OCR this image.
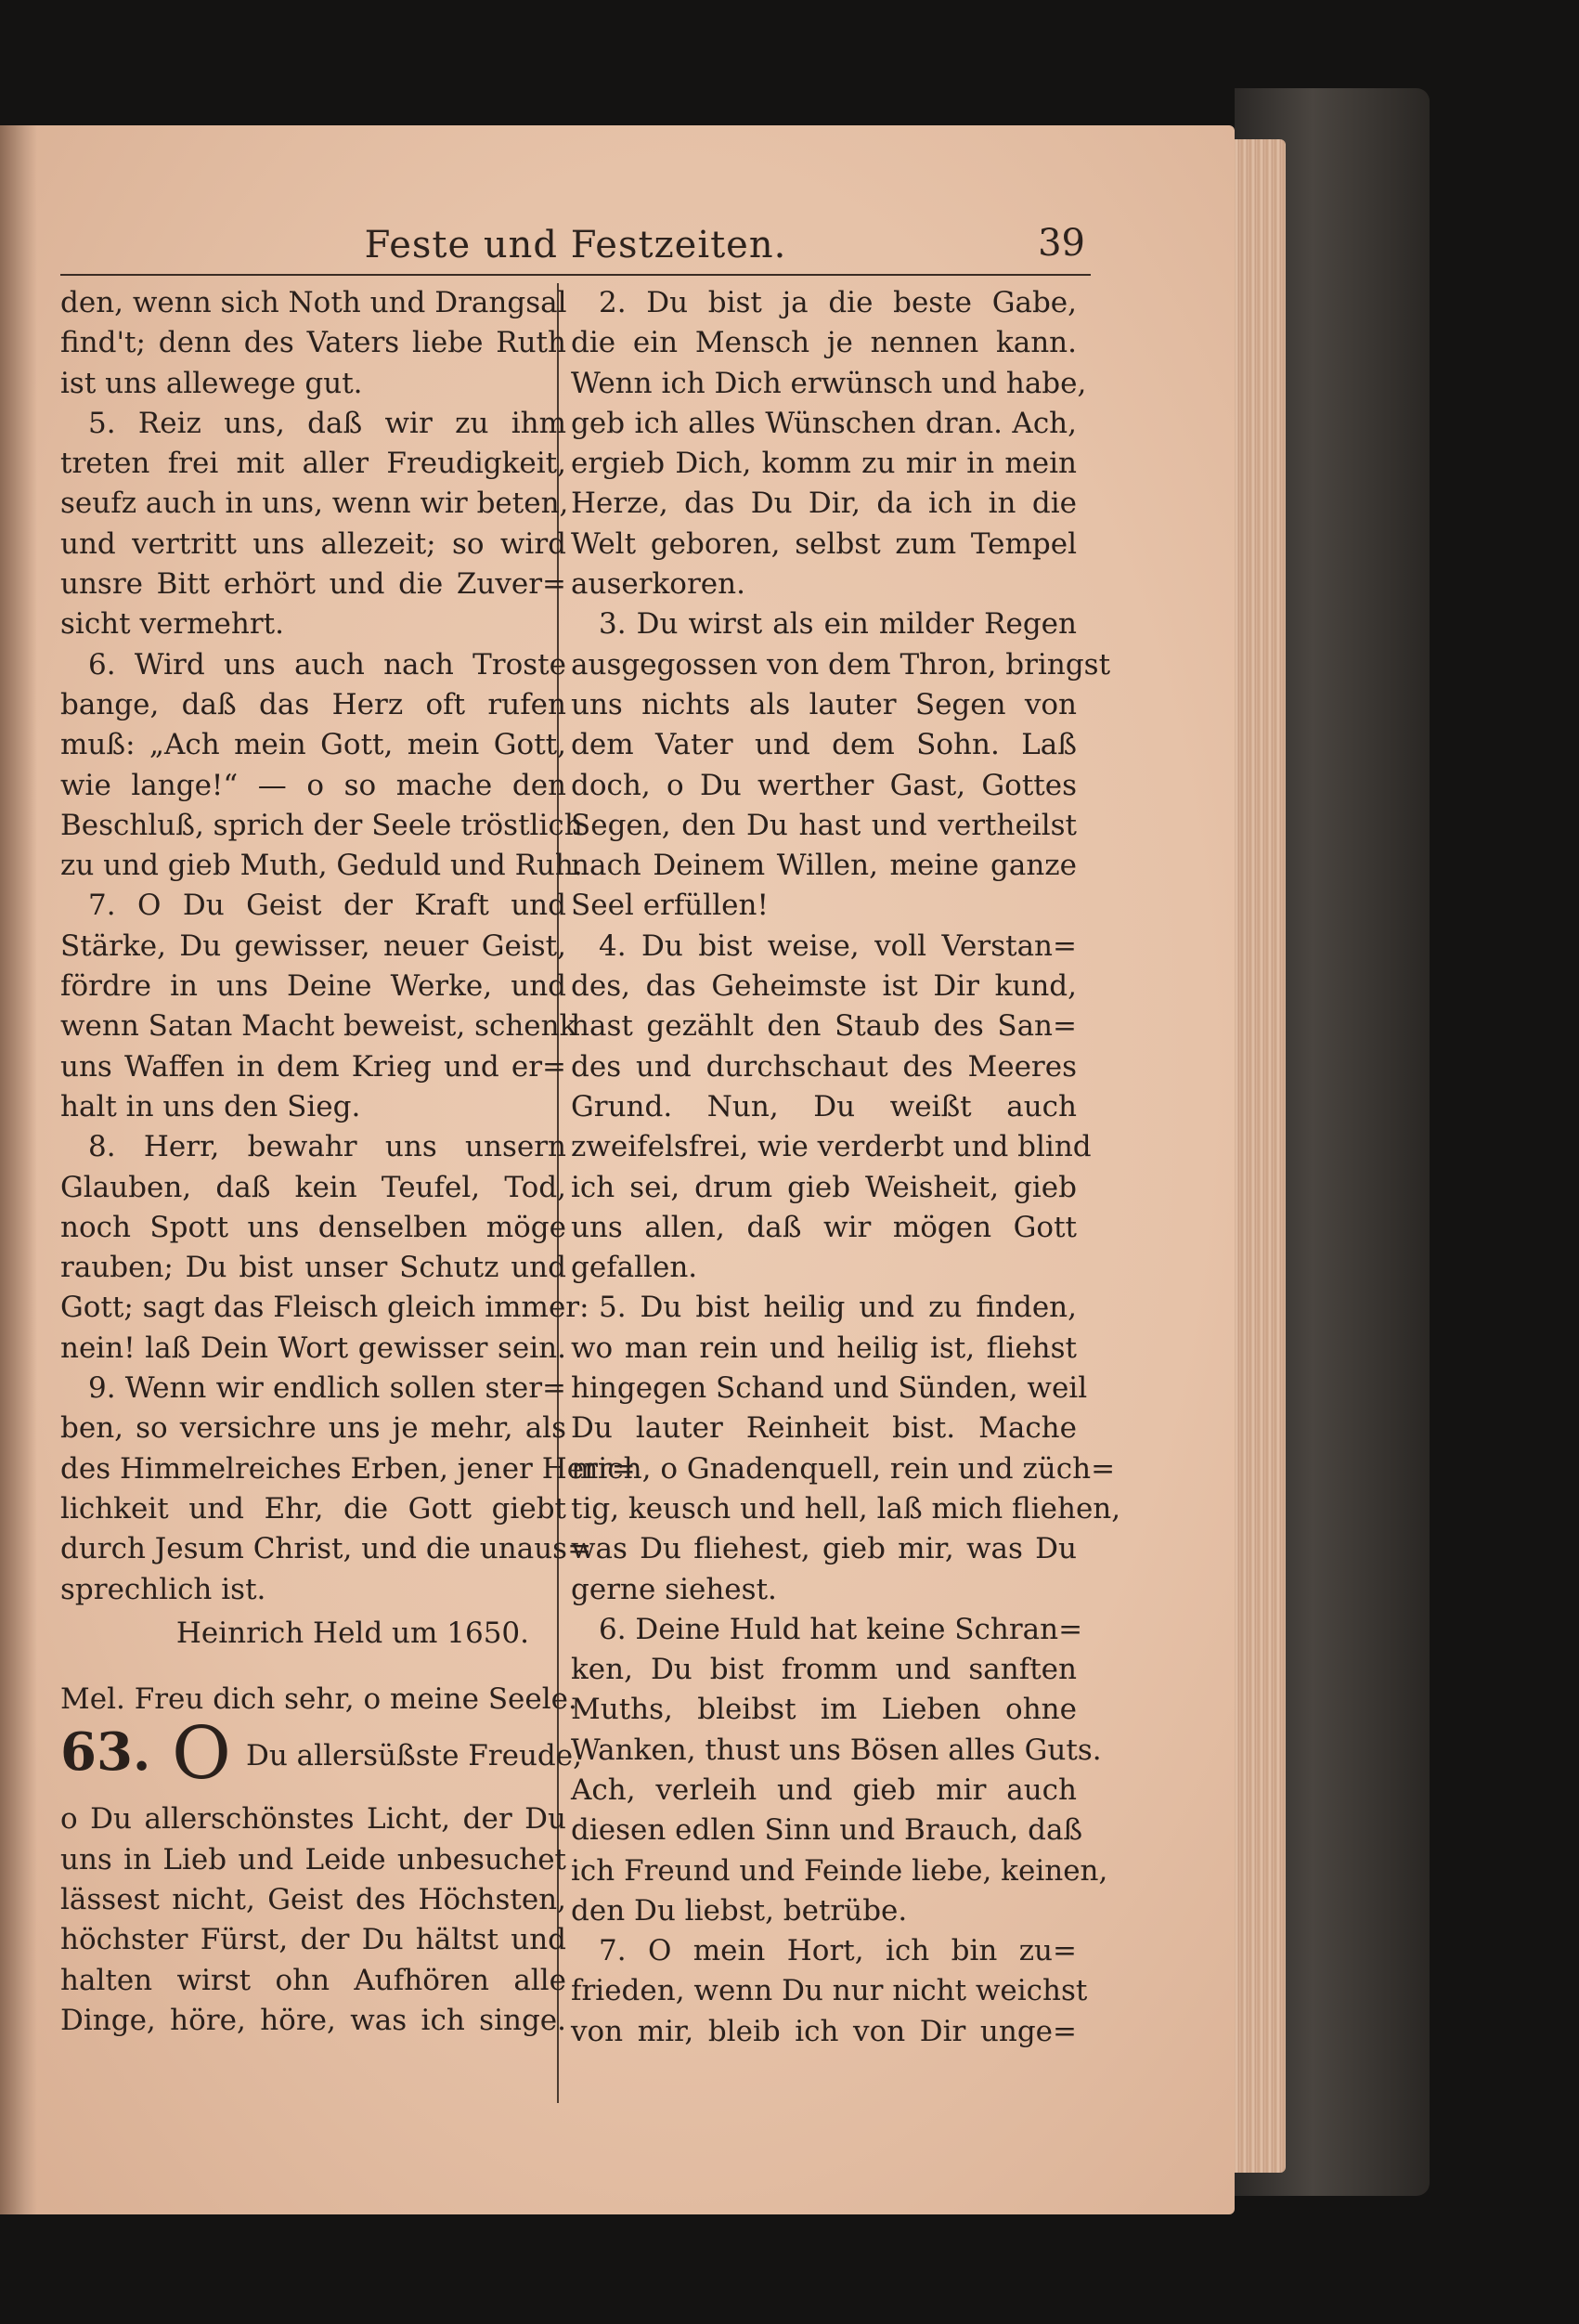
Feste und Festzeiten.	39
den, wenn sich Noth und Drangsal
find't; denn des Vaters liebe Ruth
ist uns allewege gut.
5. Reiz uns, daß wir zu ihm
treten frei mit aller Freudigkeit,
seufz auch in uns, wenn wir beten,
und vertritt uns allezeit; so wird
unsre Bitt erhört und die Zuver=
sicht vermehrt.
6. Wird uns auch nach Troste
bange, daß das Herz oft rufen
muß: „Ach mein Gott, mein Gott,
wie lange!“ — o so mache den
Beschluß, sprich der Seele tröstlich
zu und gieb Muth, Geduld und Ruh.
7. O Du Geist der Kraft und
Stärke, Du gewisser, neuer Geist,
fördre in uns Deine Werke, und
wenn Satan Macht beweist, schenk
uns Waffen in dem Krieg und er=
halt in uns den Sieg.
8. Herr, bewahr uns unsern
Glauben, daß kein Teufel, Tod,
noch Spott uns denselben möge
rauben; Du bist unser Schutz und
Gott; sagt das Fleisch gleich immer:
nein! laß Dein Wort gewisser sein.
9. Wenn wir endlich sollen ster=
ben, so versichre uns je mehr, als
des Himmelreiches Erben, jener Herr=
lichkeit und Ehr, die Gott giebt
durch Jesum Christ, und die unaus=
sprechlich ist.
Heinrich Held um 1650.
Mel. Freu dich sehr, o meine Seele.
63. O Du allersüßste Freude,
o Du allerschönstes Licht, der Du
uns in Lieb und Leide unbesuchet
lässest nicht, Geist des Höchsten,
höchster Fürst, der Du hältst und
halten wirst ohn Aufhören alle
Dinge, höre, höre, was ich singe.
2. Du bist ja die beste Gabe,
die ein Mensch je nennen kann.
Wenn ich Dich erwünsch und habe,
geb ich alles Wünschen dran. Ach,
ergieb Dich, komm zu mir in mein
Herze, das Du Dir, da ich in die
Welt geboren, selbst zum Tempel
auserkoren.
3. Du wirst als ein milder Regen
ausgegossen von dem Thron, bringst
uns nichts als lauter Segen von
dem Vater und dem Sohn. Laß
doch, o Du werther Gast, Gottes
Segen, den Du hast und vertheilst
nach Deinem Willen, meine ganze
Seel erfüllen!
4. Du bist weise, voll Verstan=
des, das Geheimste ist Dir kund,
hast gezählt den Staub des San=
des und durchschaut des Meeres
Grund. Nun, Du weißt auch
zweifelsfrei, wie verderbt und blind
ich sei, drum gieb Weisheit, gieb
uns allen, daß wir mögen Gott
gefallen.
5. Du bist heilig und zu finden,
wo man rein und heilig ist, fliehst
hingegen Schand und Sünden, weil
Du lauter Reinheit bist. Mache
mich, o Gnadenquell, rein und züch=
tig, keusch und hell, laß mich fliehen,
was Du fliehest, gieb mir, was Du
gerne siehest.
6. Deine Huld hat keine Schran=
ken, Du bist fromm und sanften
Muths, bleibst im Lieben ohne
Wanken, thust uns Bösen alles Guts.
Ach, verleih und gieb mir auch
diesen edlen Sinn und Brauch, daß
ich Freund und Feinde liebe, keinen,
den Du liebst, betrübe.
7. O mein Hort, ich bin zu=
frieden, wenn Du nur nicht weichst
von mir, bleib ich von Dir unge=
